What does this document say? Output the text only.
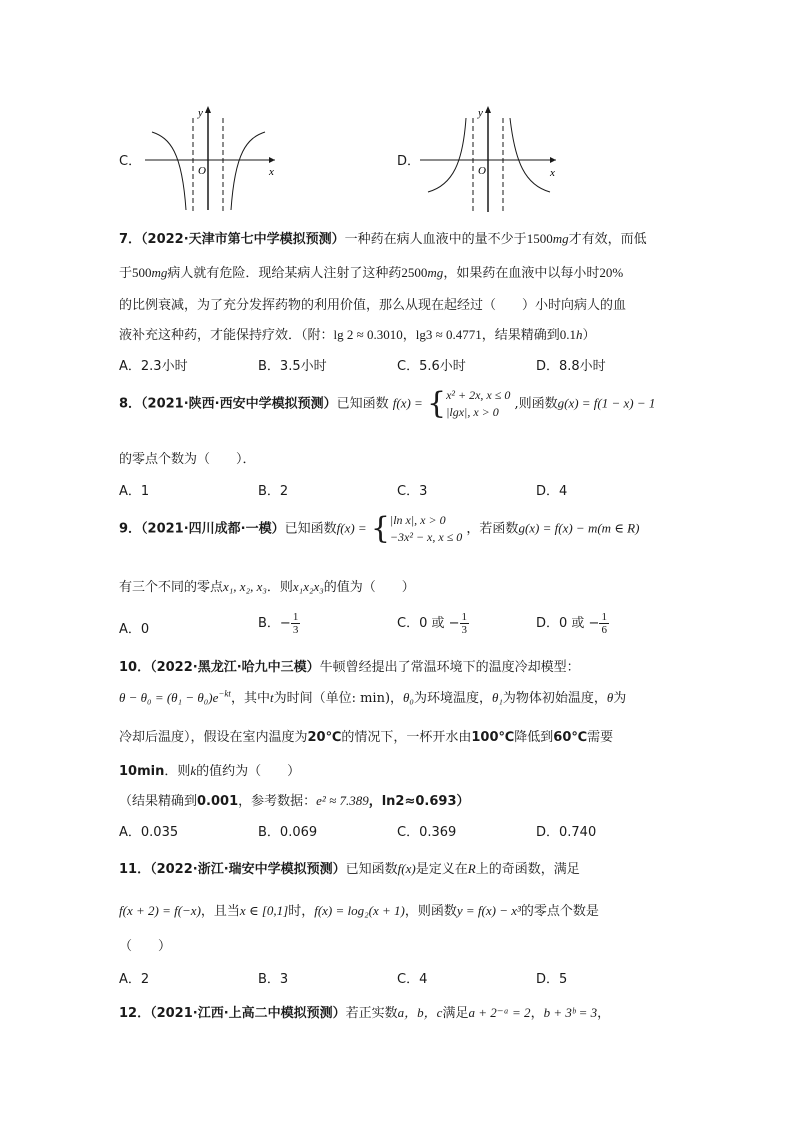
C．
O
y
x
D．
O
y
x
7．（2022·天津市第七中学模拟预测）一种药在病人血液中的量不少于1500mg才有效，而低
于500mg病人就有危险．现给某病人注射了这种药2500mg，如果药在血液中以每小时20%
的比例衰减，为了充分发挥药物的利用价值，那么从现在起经过（　　）小时向病人的血
液补充这种药，才能保持疗效．（附：lg 2 ≈ 0.3010，lg3 ≈ 0.4771，结果精确到0.1h）
A．2.3小时	B．3.5小时	C．5.6小时	D．8.8小时
8．（2021·陕西·西安中学模拟预测）已知函数 f(x) = { x² + 2x, x ≤ 0
|lgx|, x > 0
,则函数g(x) = f(1 − x) − 1
的零点个数为（　　）．
A．1	B．2	C．3	D．4
9．（2021·四川成都·一模）已知函数f(x) = { |ln x|, x > 0
−3x² − x, x ≤ 0
，若函数g(x) = f(x) − m(m ∈ R)
有三个不同的零点x₁, x₂, x₃．则x₁x₂x₃的值为（　　）
A．0	B．− $\frac{1}{3}$	C．0 或 − $\frac{1}{3}$	D．0 或 − $\frac{1}{6}$
10．（2022·黑龙江·哈九中三模）牛顿曾经提出了常温环境下的温度冷却模型：
$\theta - \theta_0 = (\theta_1 - \theta_0)e^{-kt}$，其中t为时间（单位: min)，θ₀为环境温度，θ₁为物体初始温度，θ为
冷却后温度），假设在室内温度为20℃的情况下，一杯开水由100℃降低到60℃需要
10min．则k的值约为（　　）
（结果精确到0.001，参考数据：e² ≈ 7.389，ln2≈0.693）
A．0.035	B．0.069	C．0.369	D．0.740
11．（2022·浙江·瑞安中学模拟预测）已知函数f(x)是定义在R上的奇函数，满足
f(x + 2) = f(−x)，且当x ∈ [0,1]时，f(x) = log₂(x + 1)，则函数y = f(x) − x³的零点个数是
（　　）
A．2	B．3	C．4	D．5
12．（2021·江西·上高二中模拟预测）若正实数a，b，c满足a + 2⁻ᵃ = 2，b + 3ᵇ = 3，
